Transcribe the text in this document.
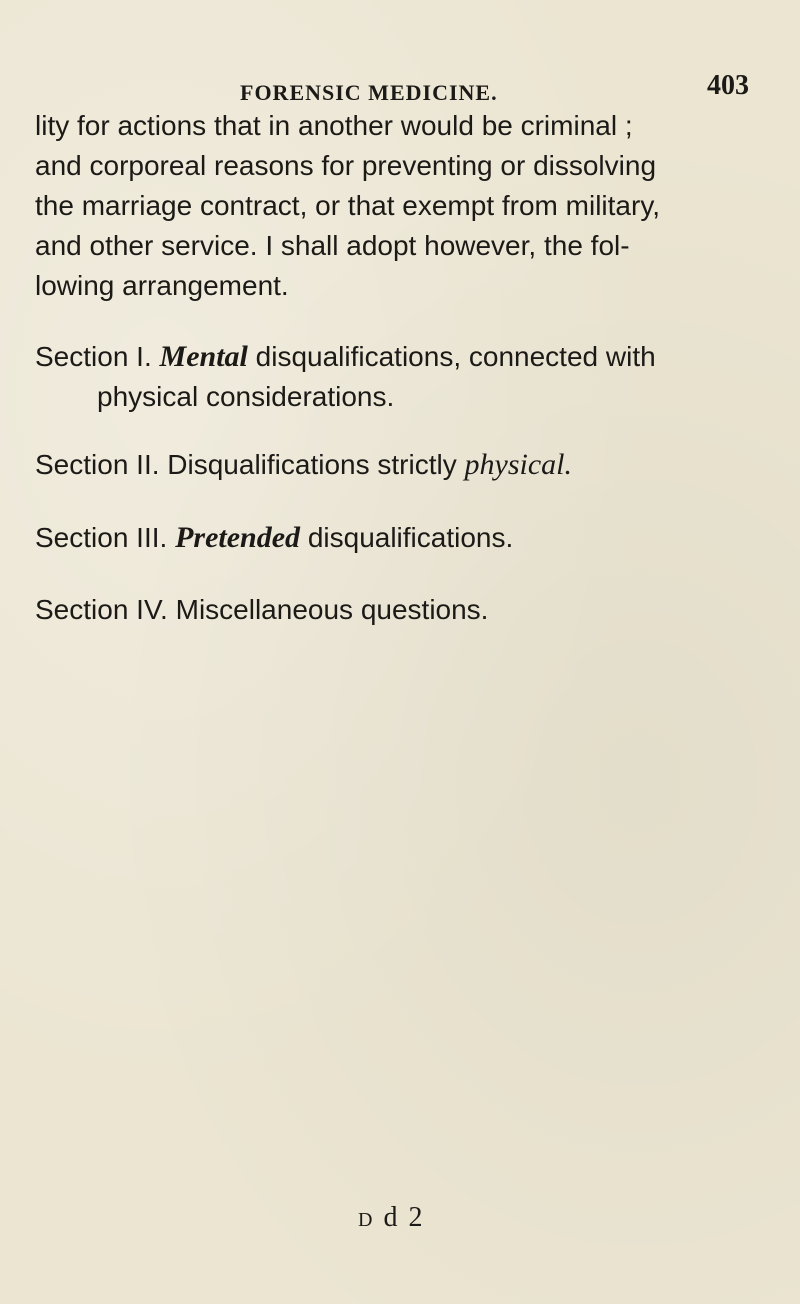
FORENSIC MEDICINE.	403
lity for actions that in another would be criminal ;
and corporeal reasons for preventing or dissolving
the marriage contract, or that exempt from military,
and other service. I shall adopt however, the fol-
lowing arrangement.
Section I. Mental disqualifications, connected with
physical considerations.
Section II. Disqualifications strictly physical.
Section III. Pretended disqualifications.
Section IV. Miscellaneous questions.
D d 2
